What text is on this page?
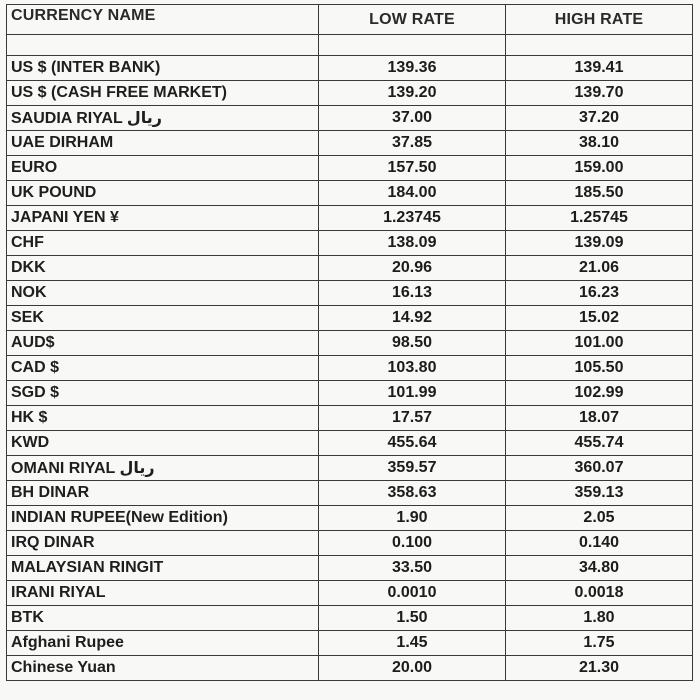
CURRENCY NAME	LOW RATE	HIGH RATE

US $ (INTER BANK)	139.36	139.41
US $ (CASH FREE MARKET)	139.20	139.70
SAUDIA RIYAL ریال	37.00	37.20
UAE DIRHAM	37.85	38.10
EURO	157.50	159.00
UK POUND	184.00	185.50
JAPANI YEN ¥	1.23745	1.25745
CHF	138.09	139.09
DKK	20.96	21.06
NOK	16.13	16.23
SEK	14.92	15.02
AUD$	98.50	101.00
CAD $	103.80	105.50
SGD $	101.99	102.99
HK $	17.57	18.07
KWD	455.64	455.74
OMANI RIYAL ریال	359.57	360.07
BH DINAR	358.63	359.13
INDIAN RUPEE(New Edition)	1.90	2.05
IRQ DINAR	0.100	0.140
MALAYSIAN RINGIT	33.50	34.80
IRANI RIYAL	0.0010	0.0018
BTK	1.50	1.80
Afghani Rupee	1.45	1.75
Chinese Yuan	20.00	21.30
